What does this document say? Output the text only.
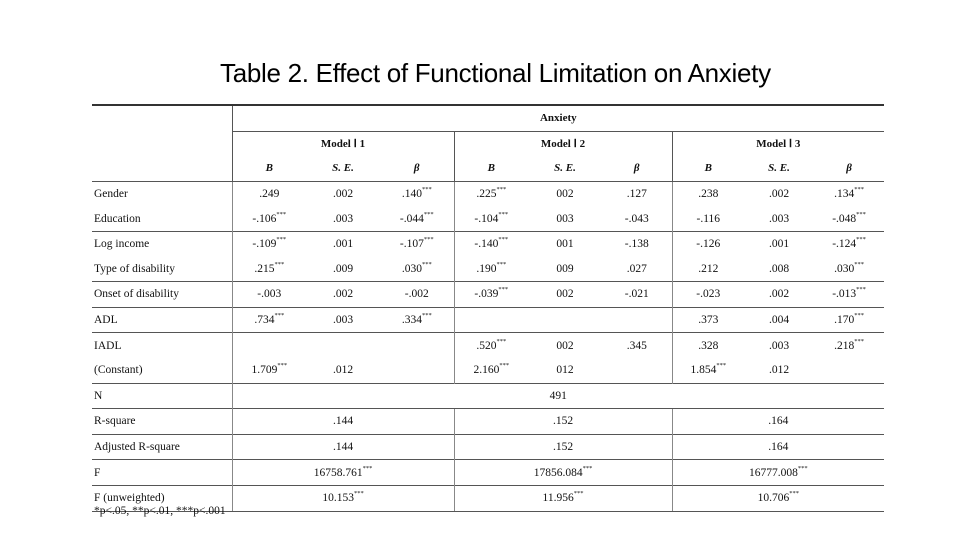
Table 2. Effect of Functional Limitation on Anxiety
	Anxiety								
	Model Ⅰ 1			Model Ⅰ 2			Model Ⅰ 3		
	B	S. E.	β	B	S. E.	β	B	S. E.	β
Gender	.249	.002	.140***	.225***	002	.127	.238	.002	.134***
Education	-.106***	.003	-.044***	-.104***	003	-.043	-.116	.003	-.048***
Log income	-.109***	.001	-.107***	-.140***	001	-.138	-.126	.001	-.124***
Type of disability	.215***	.009	.030***	.190***	009	.027	.212	.008	.030***
Onset of disability	-.003	.002	-.002	-.039***	002	-.021	-.023	.002	-.013***
ADL	.734***	.003	.334***				.373	.004	.170***
IADL				.520***	002	.345	.328	.003	.218***
(Constant)	1.709***	.012		2.160***	012		1.854***	.012	
N	491								
R-square	.144			.152			.164		
Adjusted R-square	.144			.152			.164		
F	16758.761***			17856.084***			16777.008***
F (unweighted)	10.153***			11.956***			10.706***
*p<.05, **p<.01, ***p<.001
